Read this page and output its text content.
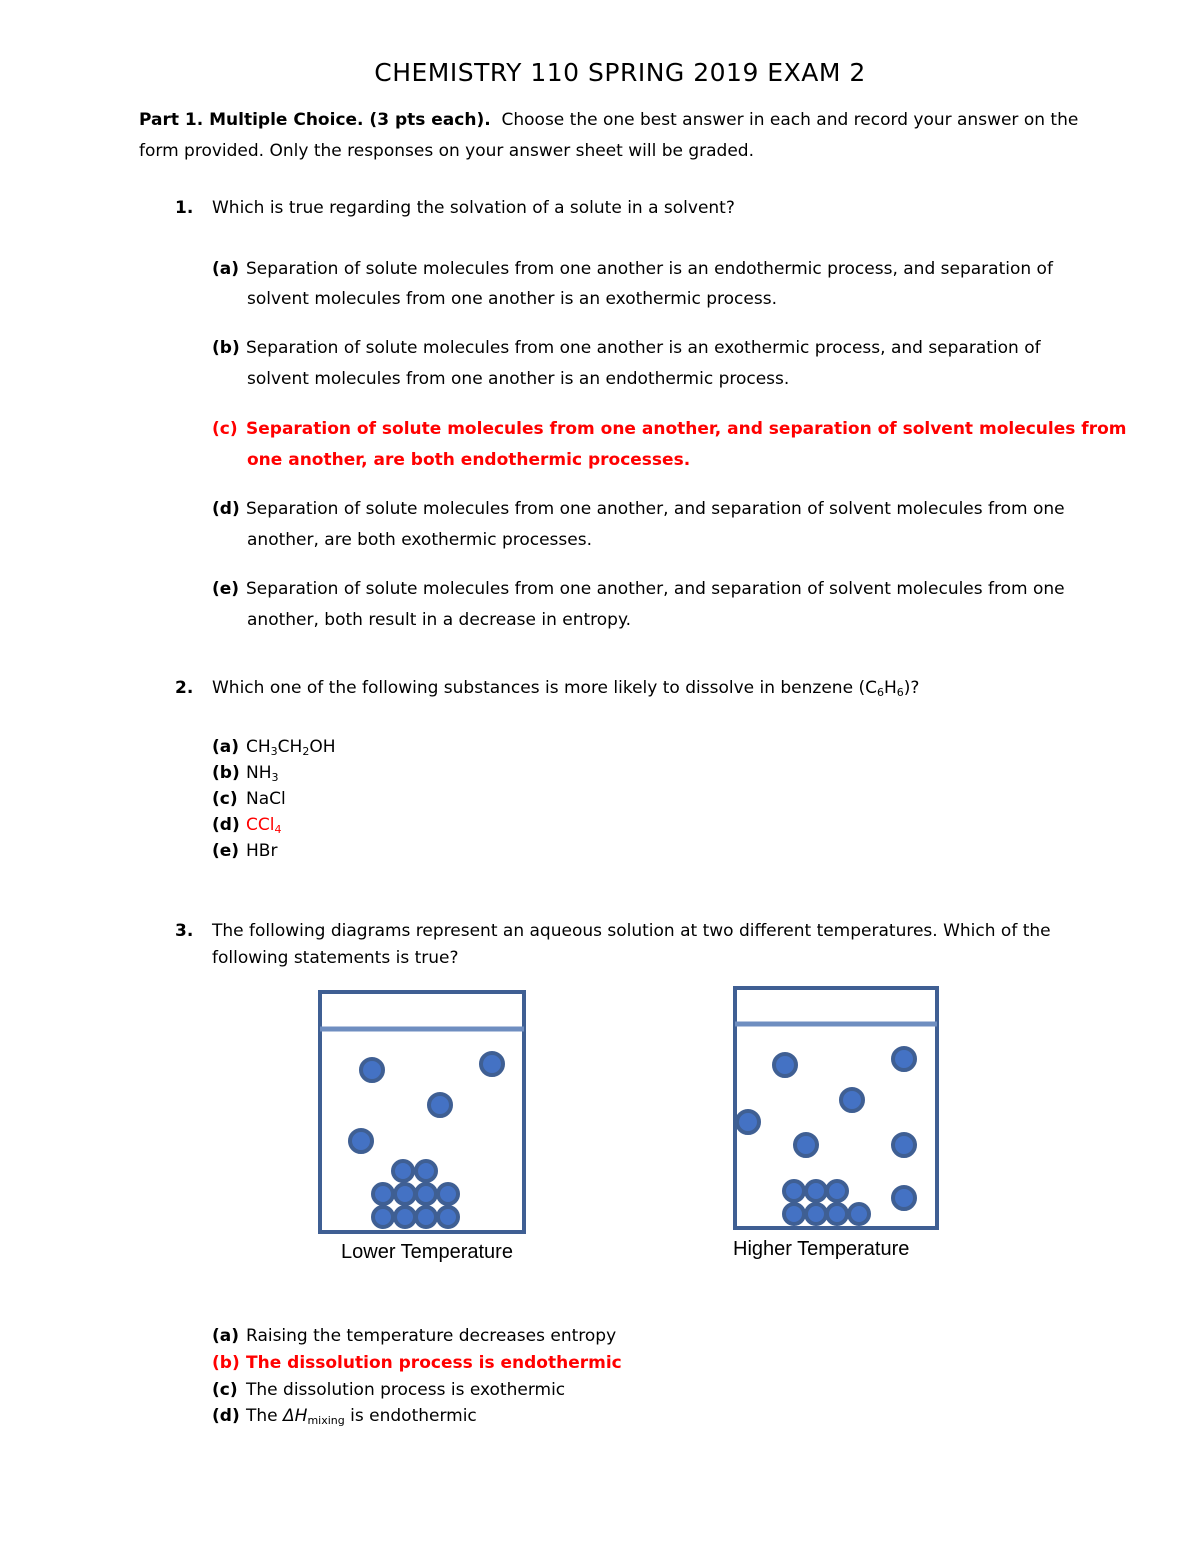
CHEMISTRY 110 SPRING 2019 EXAM 2
Part 1. Multiple Choice. (3 pts each). Choose the one best answer in each and record your answer on the
form provided. Only the responses on your answer sheet will be graded.
1. Which is true regarding the solvation of a solute in a solvent?
(a) Separation of solute molecules from one another is an endothermic process, and separation of
solvent molecules from one another is an exothermic process.
(b) Separation of solute molecules from one another is an exothermic process, and separation of
solvent molecules from one another is an endothermic process.
(c) Separation of solute molecules from one another, and separation of solvent molecules from
one another, are both endothermic processes.
(d) Separation of solute molecules from one another, and separation of solvent molecules from one
another, are both exothermic processes.
(e) Separation of solute molecules from one another, and separation of solvent molecules from one
another, both result in a decrease in entropy.
2. Which one of the following substances is more likely to dissolve in benzene $(C_6H_6)$?
(a) $CH_3CH_2OH$
(b) $NH_3$
(c) NaCl
(d) CCl$_4$
(e) HBr
3. The following diagrams represent an aqueous solution at two different temperatures. Which of the
following statements is true?
Lower Temperature	Higher Temperature
(a) Raising the temperature decreases entropy
(b) The dissolution process is endothermic
(c) The dissolution process is exothermic
(d) The $\Delta H_{mixing}$ is endothermic
